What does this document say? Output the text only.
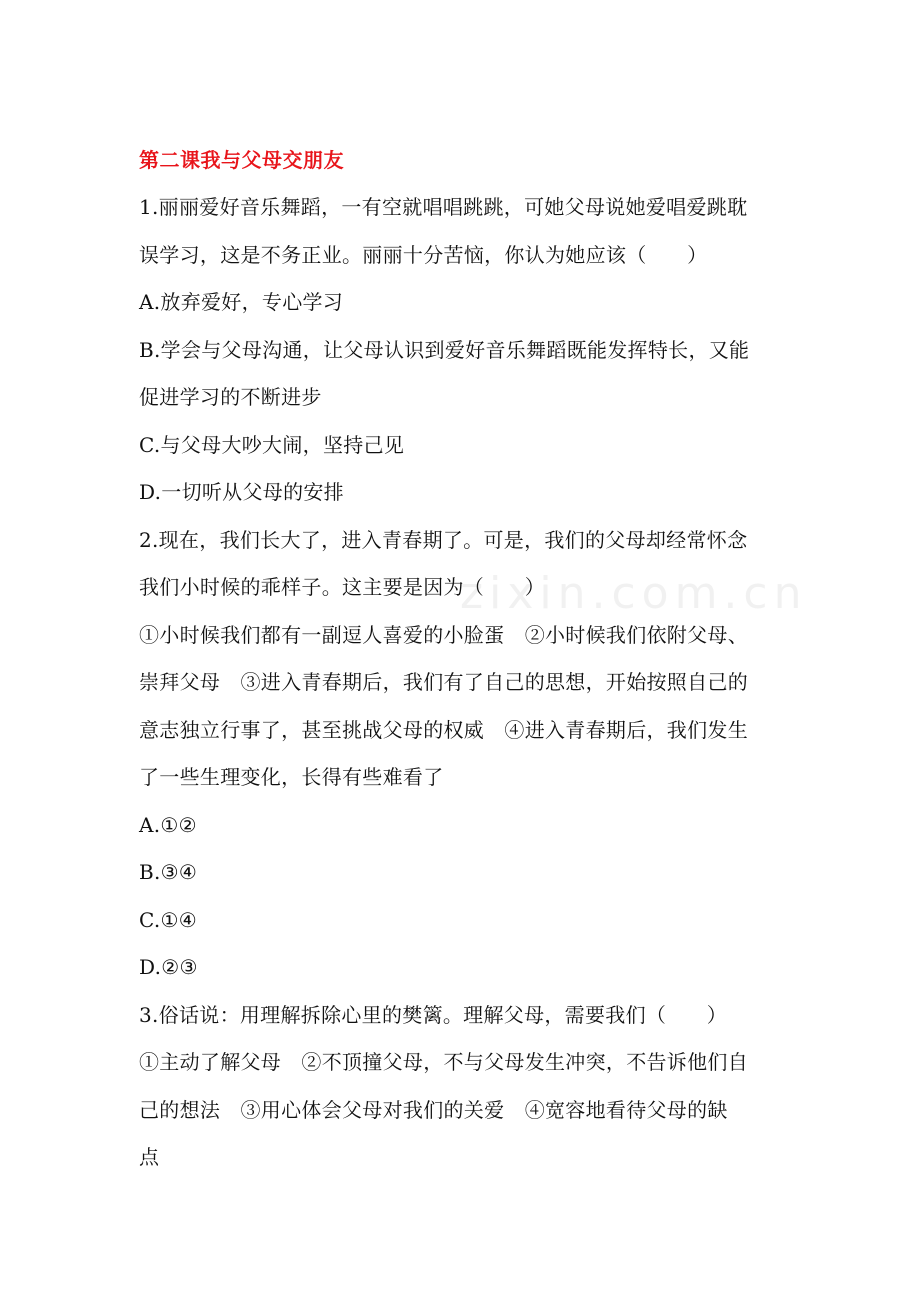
第二课我与父母交朋友

1.丽丽爱好音乐舞蹈，一有空就唱唱跳跳，可她父母说她爱唱爱跳耽

误学习，这是不务正业。丽丽十分苦恼，你认为她应该（　　）

A.放弃爱好，专心学习

B.学会与父母沟通，让父母认识到爱好音乐舞蹈既能发挥特长，又能

促进学习的不断进步

C.与父母大吵大闹，坚持己见

D.一切听从父母的安排

2.现在，我们长大了，进入青春期了。可是，我们的父母却经常怀念

我们小时候的乖样子。这主要是因为（　　）

①小时候我们都有一副逗人喜爱的小脸蛋　②小时候我们依附父母、

崇拜父母　③进入青春期后，我们有了自己的思想，开始按照自己的

意志独立行事了，甚至挑战父母的权威　④进入青春期后，我们发生

了一些生理变化，长得有些难看了

A.①②

B.③④

C.①④

D.②③

3.俗话说：用理解拆除心里的樊篱。理解父母，需要我们（　　）

①主动了解父母　②不顶撞父母，不与父母发生冲突，不告诉他们自

己的想法　③用心体会父母对我们的关爱　④宽容地看待父母的缺

点

zixin.com.cn
